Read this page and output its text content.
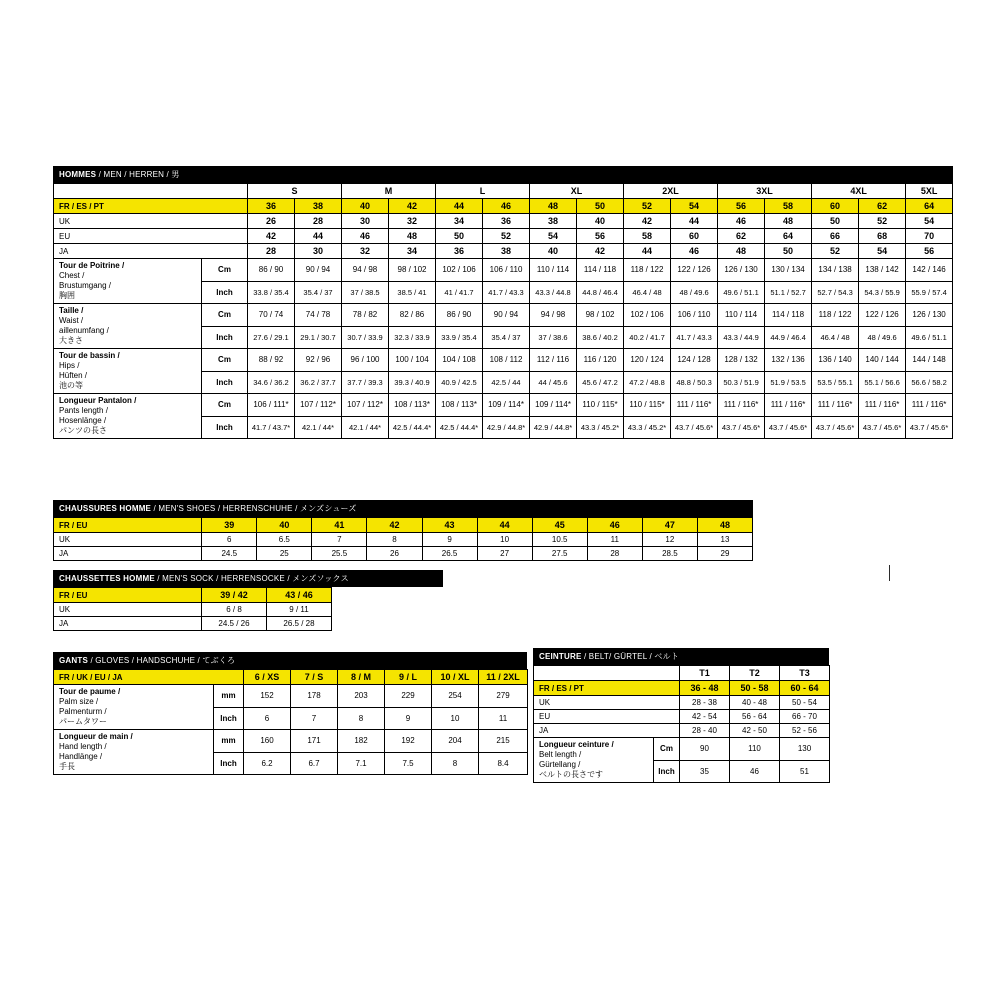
HOMMES / MEN / HERREN / 男
		S		M		L		XL		2XL		3XL		4XL		5XL
FR / ES / PT		36	38	40	42	44	46	48	50	52	54	56	58	60	62	64
UK		26	28	30	32	34	36	38	40	42	44	46	48	50	52	54
EU		42	44	46	48	50	52	54	56	58	60	62	64	66	68	70
JA		28	30	32	34	36	38	40	42	44	46	48	50	52	54	56

Tour de Poitrine /
Chest /
Brustumgang /
胸囲	Cm	86 / 90	90 / 94	94 / 98	98 / 102	102 / 106	106 / 110	110 / 114	114 / 118	118 / 122	122 / 126	126 / 130	130 / 134	134 / 138	138 / 142	142 / 146
	Inch	33.8 / 35.4	35.4 / 37	37 / 38.5	38.5 / 41	41 / 41.7	41.7 / 43.3	43.3 / 44.8	44.8 / 46.4	46.4 / 48	48 / 49.6	49.6 / 51.1	51.1 / 52.7	52.7 / 54.3	54.3 / 55.9	55.9 / 57.4

Taille /
Waist /
aillenumfang /
大きさ	Cm	70 / 74	74 / 78	78 / 82	82 / 86	86 / 90	90 / 94	94 / 98	98 / 102	102 / 106	106 / 110	110 / 114	114 / 118	118 / 122	122 / 126	126 / 130
	Inch	27.6 / 29.1	29.1 / 30.7	30.7 / 33.9	32.3 / 33.9	33.9 / 35.4	35.4 / 37	37 / 38.6	38.6 / 40.2	40.2 / 41.7	41.7 / 43.3	43.3 / 44.9	44.9 / 46.4	46.4 / 48	48 / 49.6	49.6 / 51.1

Tour de bassin /
Hips /
Hüften /
池の等	Cm	88 / 92	92 / 96	96 / 100	100 / 104	104 / 108	108 / 112	112 / 116	116 / 120	120 / 124	124 / 128	128 / 132	132 / 136	136 / 140	140 / 144	144 / 148
	Inch	34.6 / 36.2	36.2 / 37.7	37.7 / 39.3	39.3 / 40.9	40.9 / 42.5	42.5 / 44	44 / 45.6	45.6 / 47.2	47.2 / 48.8	48.8 / 50.3	50.3 / 51.9	51.9 / 53.5	53.5 / 55.1	55.1 / 56.6	56.6 / 58.2

Longueur Pantalon /
Pants length /
Hosenlänge /
パンツの長さ	Cm	106 / 111*	107 / 112*	107 / 112*	108 / 113*	108 / 113*	109 / 114*	109 / 114*	110 / 115*	110 / 115*	111 / 116*	111 / 116*	111 / 116*	111 / 116*	111 / 116*	111 / 116*
	Inch	41.7 / 43.7*	42.1 / 44*	42.1 / 44*	42.5 / 44.4*	42.5 / 44.4*	42.9 / 44.8*	42.9 / 44.8*	43.3 / 45.2*	43.3 / 45.2*	43.7 / 45.6*	43.7 / 45.6*	43.7 / 45.6*	43.7 / 45.6*	43.7 / 45.6*	43.7 / 45.6*
CHAUSSURES HOMME / MEN'S SHOES / HERRENSCHUHE / メンズシューズ
FR / EU	39	40	41	42	43	44	45	46	47	48
UK	6	6.5	7	8	9	10	10.5	11	12	13
JA	24.5	25	25.5	26	26.5	27	27.5	28	28.5	29
CHAUSSETTES HOMME / MEN'S SOCK / HERRENSOCKE / メンズソックス
FR / EU	39 / 42	43 / 46
UK	6 / 8	9 / 11
JA	24.5 / 26	26.5 / 28
GANTS / GLOVES / HANDSCHUHE / てぶくろ
FR / UK / EU / JA		6 / XS	7 / S	8 / M	9 / L	10 / XL	11 / 2XL

Tour de paume /
Palm size /
Palmenturm /
パームタワー	mm	152	178	203	229	254	279
	Inch	6	7	8	9	10	11

Longueur de main /
Hand length /
Handlänge /
手長	mm	160	171	182	192	204	215
	Inch	6.2	6.7	7.1	7.5	8	8.4
CEINTURE / BELT/ GÜRTEL / ベルト
		T1	T2	T3
FR / ES / PT		36 - 48	50 - 58	60 - 64
UK		28 - 38	40 - 48	50 - 54
EU		42 - 54	56 - 64	66 - 70
JA		28 - 40	42 - 50	52 - 56

Longueur ceinture /
Belt length /
Gürtellang /
ベルトの長さです	Cm	90	110	130
	Inch	35	46	51
